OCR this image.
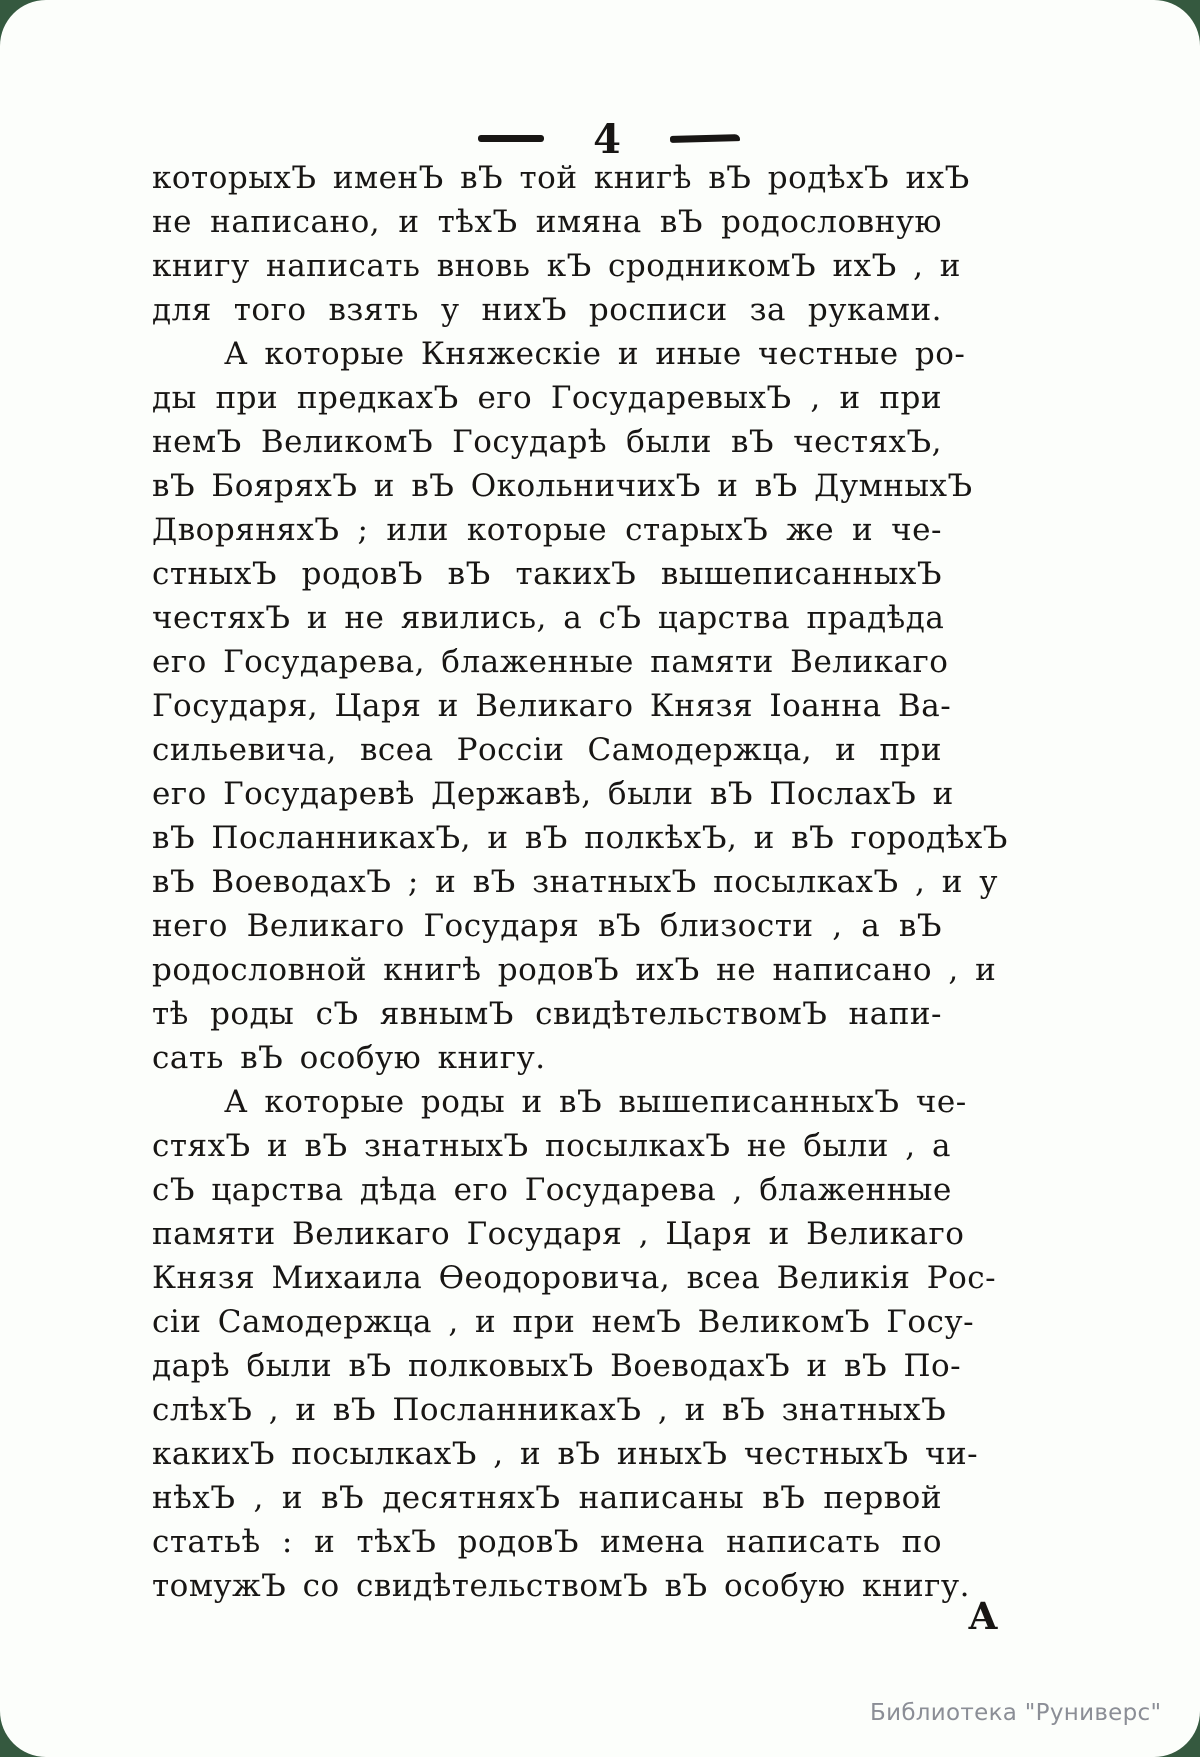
4
которыхЪ именЪ вЪ той книгѣ вЪ родѣхЪ ихЪ
не написано, и тѣхЪ имяна вЪ родословную
книгу написать вновь кЪ сродникомЪ ихЪ , и
для того взять у нихЪ росписи за руками.
А которые Княжескіе и иные честные ро-
ды при предкахЪ его ГосударевыхЪ , и при
немЪ ВеликомЪ Государѣ были вЪ честяхЪ,
вЪ БояряхЪ и вЪ ОкольничихЪ и вЪ ДумныхЪ
ДворяняхЪ ; или которые старыхЪ же и че-
стныхЪ родовЪ вЪ такихЪ вышеписанныхЪ
честяхЪ и не явились, а сЪ царства прадѣда
его Государева, блаженные памяти Великаго
Государя, Царя и Великаго Князя Іоанна Ва-
сильевича, всеа Россіи Самодержца, и при
его Государевѣ Державѣ, были вЪ ПослахЪ и
вЪ ПосланникахЪ, и вЪ полкѣхЪ, и вЪ городѣхЪ
вЪ ВоеводахЪ ; и вЪ знатныхЪ посылкахЪ , и у
него Великаго Государя вЪ близости , а вЪ
родословной книгѣ родовЪ ихЪ не написано , и
тѣ роды сЪ явнымЪ свидѣтельствомЪ напи-
сать вЪ особую книгу.
А которые роды и вЪ вышеписанныхЪ че-
стяхЪ и вЪ знатныхЪ посылкахЪ не были , а
сЪ царства дѣда его Государева , блаженные
памяти Великаго Государя , Царя и Великаго
Князя Михаила Ѳеодоровича, всеа Великія Рос-
сіи Самодержца , и при немЪ ВеликомЪ Госу-
дарѣ были вЪ полковыхЪ ВоеводахЪ и вЪ По-
слѣхЪ , и вЪ ПосланникахЪ , и вЪ знатныхЪ
какихЪ посылкахЪ , и вЪ иныхЪ честныхЪ чи-
нѣхЪ , и вЪ десятняхЪ написаны вЪ первой
статьѣ : и тѣхЪ родовЪ имена написать по
томужЪ со свидѣтельствомЪ вЪ особую книгу.
А
Библиотека "Руниверс"
